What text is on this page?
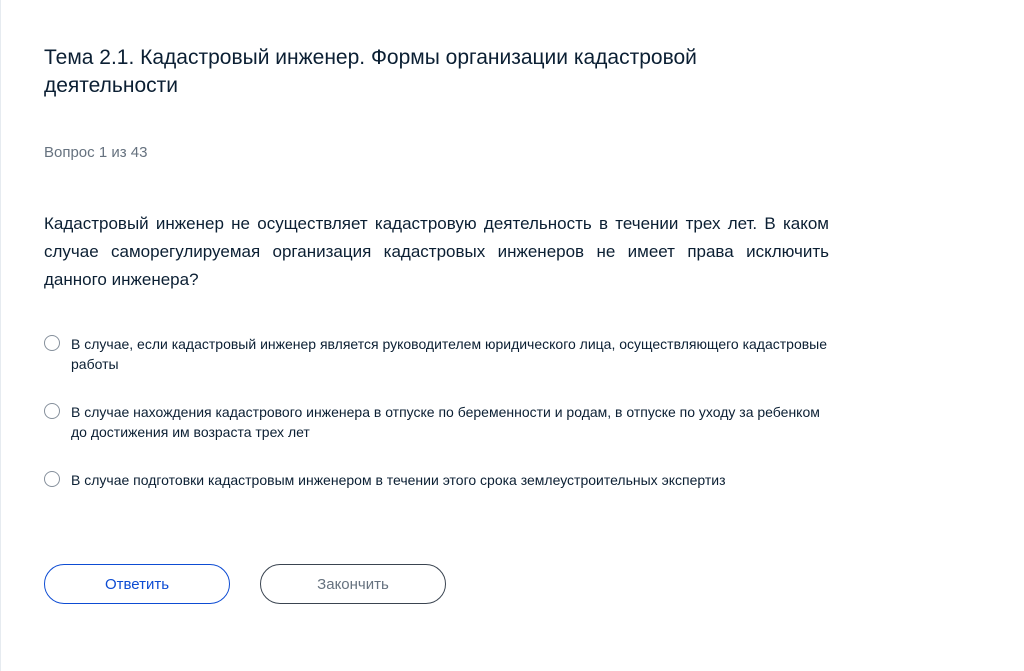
Тема 2.1. Кадастровый инженер. Формы организации кадастровой деятельности
Вопрос 1 из 43
Кадастровый инженер не осуществляет кадастровую деятельность в течении трех лет. В каком случае саморегулируемая организация кадастровых инженеров не имеет права исключить данного инженера?
В случае, если кадастровый инженер является руководителем юридического лица, осуществляющего кадастровые работы
В случае нахождения кадастрового инженера в отпуске по беременности и родам, в отпуске по уходу за ребенком до достижения им возраста трех лет
В случае подготовки кадастровым инженером в течении этого срока землеустроительных экспертиз
Ответить	Закончить
